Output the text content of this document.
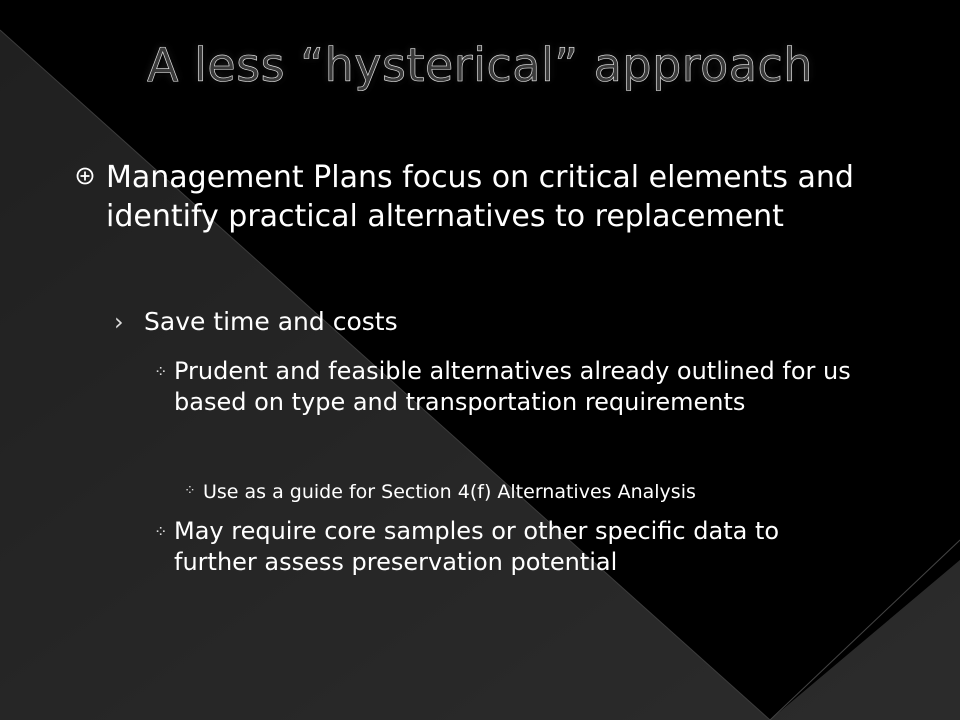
A less “hysterical” approach
Management Plans focus on critical elements and identify practical alternatives to replacement
› Save time and costs
⁘ Prudent and feasible alternatives already outlined for us based on type and transportation requirements
⁘ Use as a guide for Section 4(f) Alternatives Analysis
⁘ May require core samples or other specific data to further assess preservation potential
